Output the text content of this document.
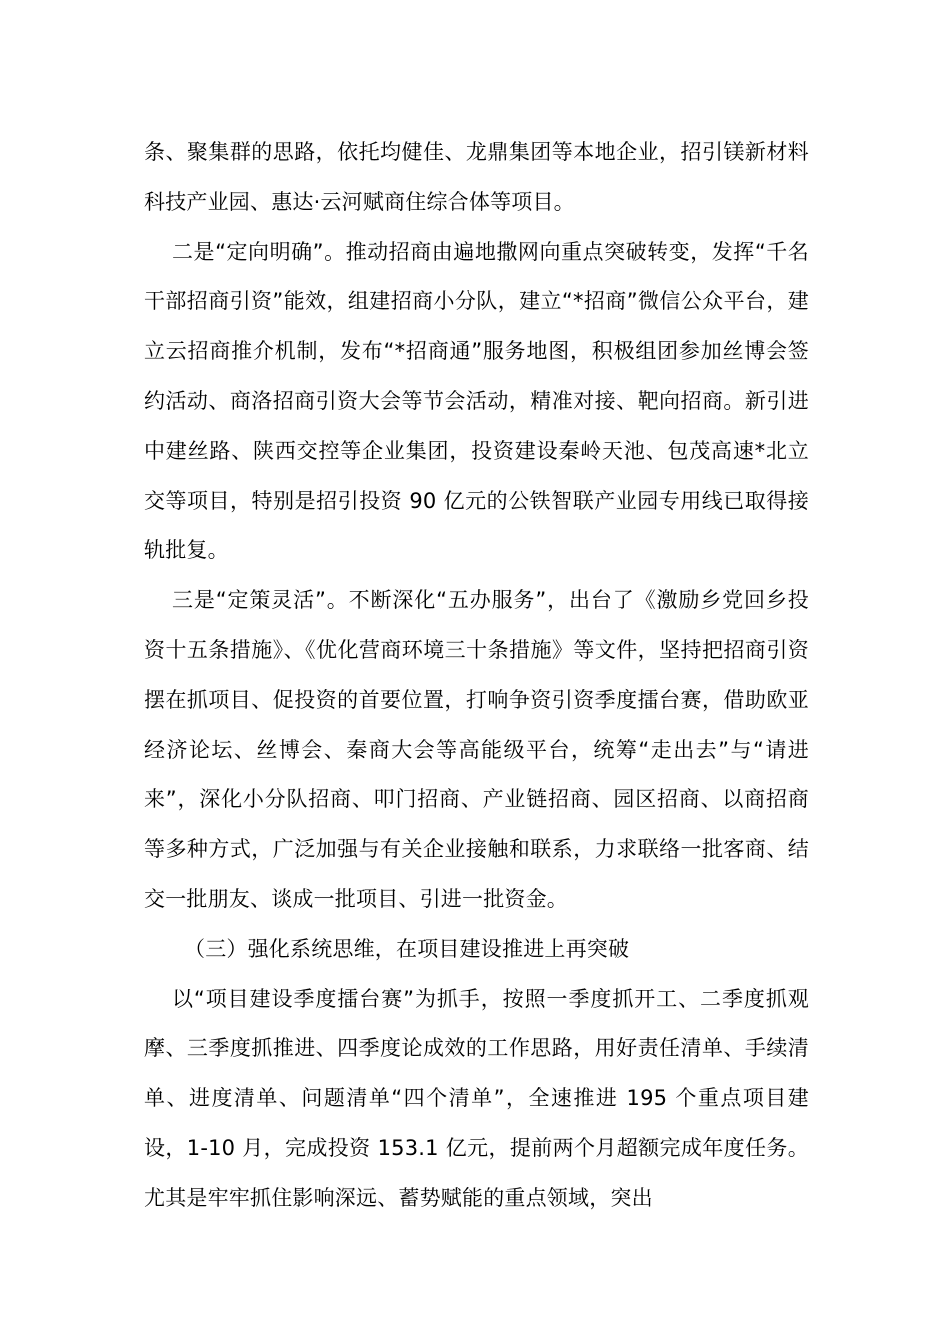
条、聚集群的思路，依托均健佳、龙鼎集团等本地企业，招引镁新材料科技产业园、惠达·云河赋商住综合体等项目。

二是“定向明确”。推动招商由遍地撒网向重点突破转变，发挥“千名干部招商引资”能效，组建招商小分队，建立“*招商”微信公众平台，建立云招商推介机制，发布“*招商通”服务地图，积极组团参加丝博会签约活动、商洛招商引资大会等节会活动，精准对接、靶向招商。新引进中建丝路、陕西交控等企业集团，投资建设秦岭天池、包茂高速*北立交等项目，特别是招引投资 90 亿元的公铁智联产业园专用线已取得接轨批复。

三是“定策灵活”。不断深化“五办服务”，出台了《激励乡党回乡投资十五条措施》、《优化营商环境三十条措施》等文件，坚持把招商引资摆在抓项目、促投资的首要位置，打响争资引资季度擂台赛，借助欧亚经济论坛、丝博会、秦商大会等高能级平台，统筹“走出去”与“请进来”，深化小分队招商、叩门招商、产业链招商、园区招商、以商招商等多种方式，广泛加强与有关企业接触和联系，力求联络一批客商、结交一批朋友、谈成一批项目、引进一批资金。

（三）强化系统思维，在项目建设推进上再突破

以“项目建设季度擂台赛”为抓手，按照一季度抓开工、二季度抓观摩、三季度抓推进、四季度论成效的工作思路，用好责任清单、手续清单、进度清单、问题清单“四个清单”，全速推进 195 个重点项目建设，1-10 月，完成投资 153.1 亿元，提前两个月超额完成年度任务。尤其是牢牢抓住影响深远、蓄势赋能的重点领域，突出
